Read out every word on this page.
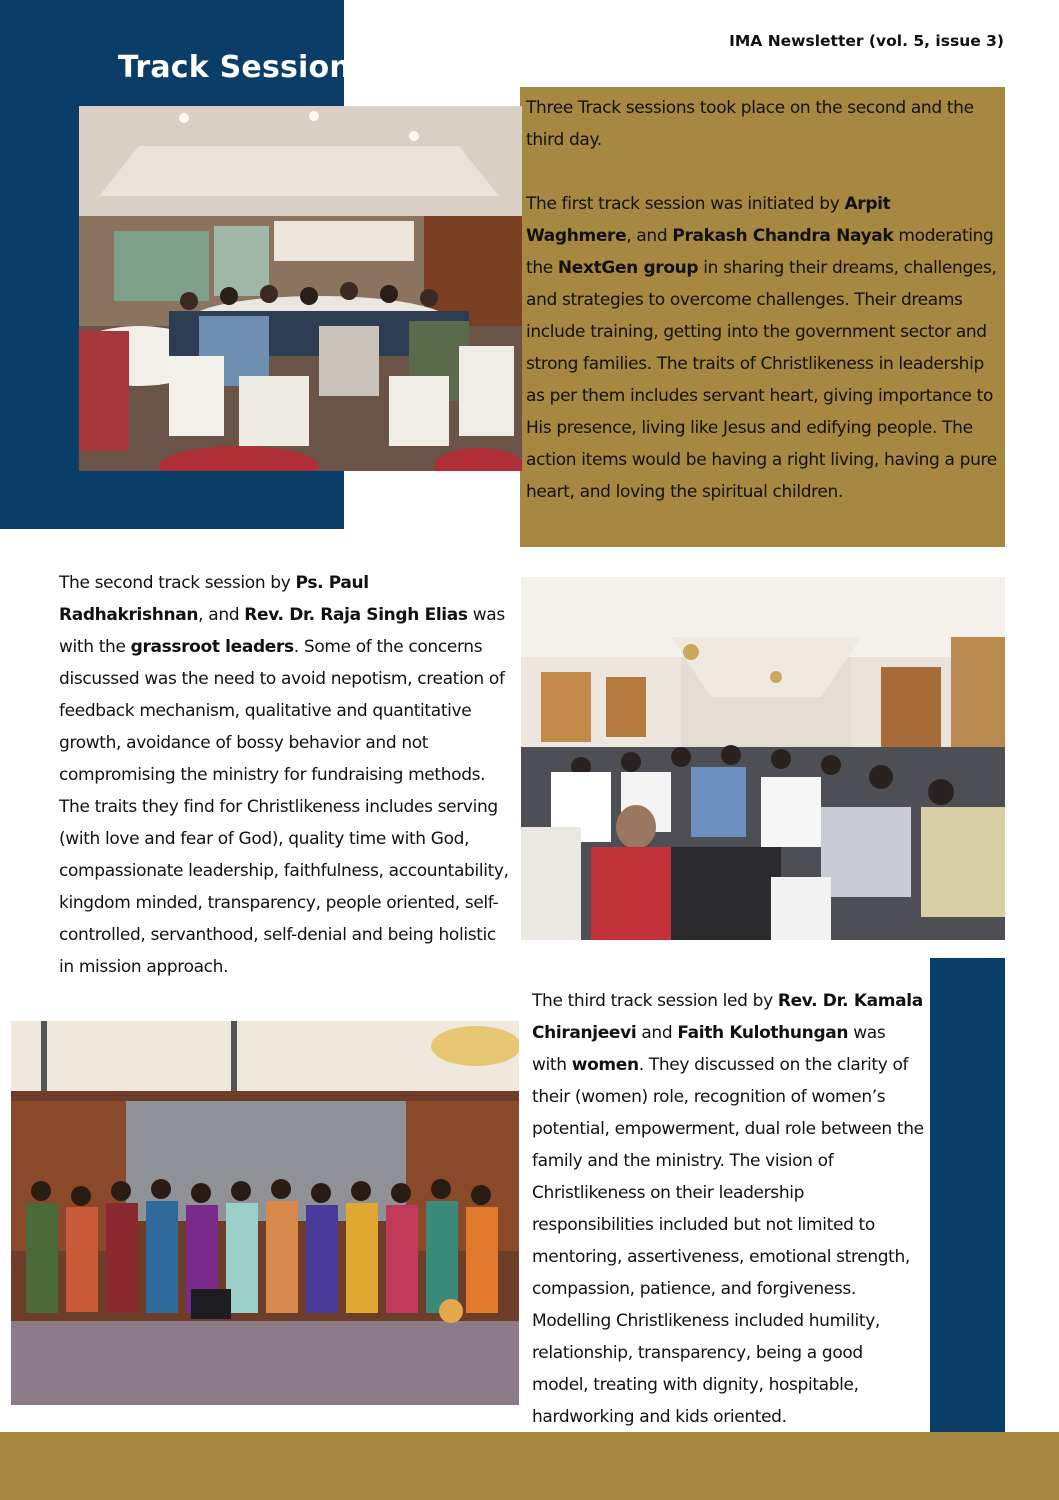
IMA Newsletter (vol. 5, issue 3)
Track Sessions

Three Track sessions took place on the second and the third day.

The first track session was initiated by Arpit Waghmere, and Prakash Chandra Nayak moderating the NextGen group in sharing their dreams, challenges, and strategies to overcome challenges. Their dreams include training, getting into the government sector and strong families. The traits of Christlikeness in leadership as per them includes servant heart, giving importance to His presence, living like Jesus and edifying people. The action items would be having a right living, having a pure heart, and loving the spiritual children.

The second track session by Ps. Paul Radhakrishnan, and Rev. Dr. Raja Singh Elias was with the grassroot leaders. Some of the concerns discussed was the need to avoid nepotism, creation of feedback mechanism, qualitative and quantitative growth, avoidance of bossy behavior and not compromising the ministry for fundraising methods. The traits they find for Christlikeness includes serving (with love and fear of God), quality time with God, compassionate leadership, faithfulness, accountability, kingdom minded, transparency, people oriented, self-controlled, servanthood, self-denial and being holistic in mission approach.

The third track session led by Rev. Dr. Kamala Chiranjeevi and Faith Kulothungan was with women. They discussed on the clarity of their (women) role, recognition of women’s potential, empowerment, dual role between the family and the ministry. The vision of Christlikeness on their leadership responsibilities included but not limited to mentoring, assertiveness, emotional strength, compassion, patience, and forgiveness. Modelling Christlikeness included humility, relationship, transparency, being a good model, treating with dignity, hospitable, hardworking and kids oriented.
